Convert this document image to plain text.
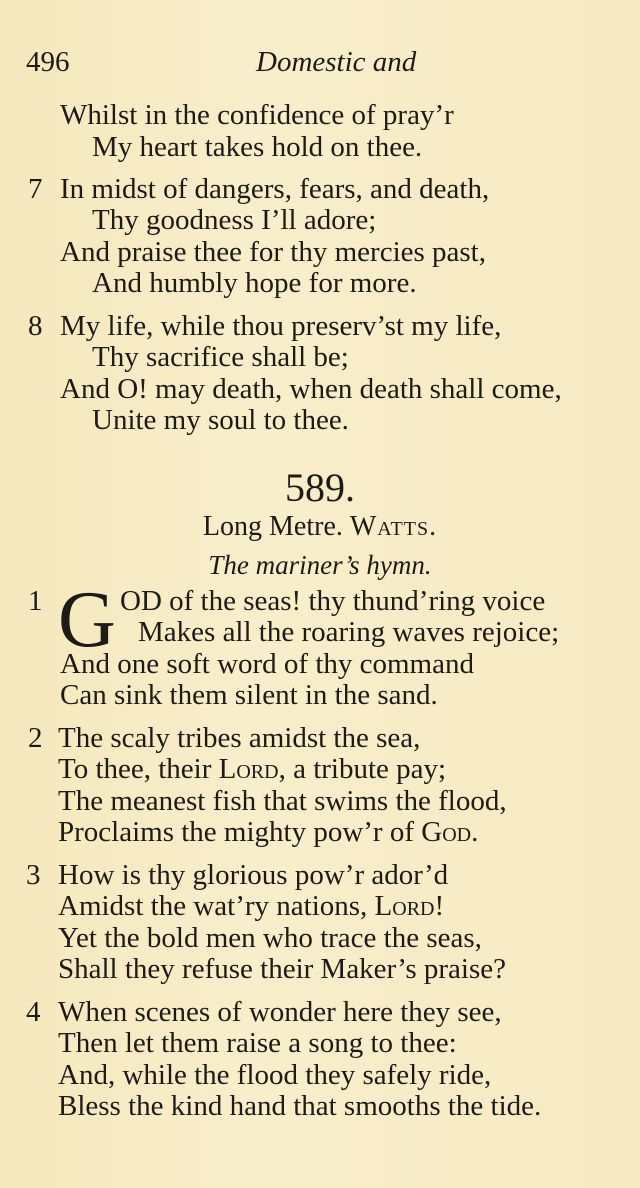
496	Domestic and
Whilst in the confidence of pray’r
My heart takes hold on thee.
7 In midst of dangers, fears, and death,
Thy goodness I’ll adore;
And praise thee for thy mercies past,
And humbly hope for more.
8 My life, while thou preserv’st my life,
Thy sacrifice shall be;
And O! may death, when death shall come,
Unite my soul to thee.
589.
Long Metre. Watts.
The mariner’s hymn.
1 G OD of the seas! thy thund’ring voice
Makes all the roaring waves rejoice;
And one soft word of thy command
Can sink them silent in the sand.
2 The scaly tribes amidst the sea,
To thee, their Lord, a tribute pay;
The meanest fish that swims the flood,
Proclaims the mighty pow’r of God.
3 How is thy glorious pow’r ador’d
Amidst the wat’ry nations, Lord!
Yet the bold men who trace the seas,
Shall they refuse their Maker’s praise?
4 When scenes of wonder here they see,
Then let them raise a song to thee:
And, while the flood they safely ride,
Bless the kind hand that smooths the tide.
